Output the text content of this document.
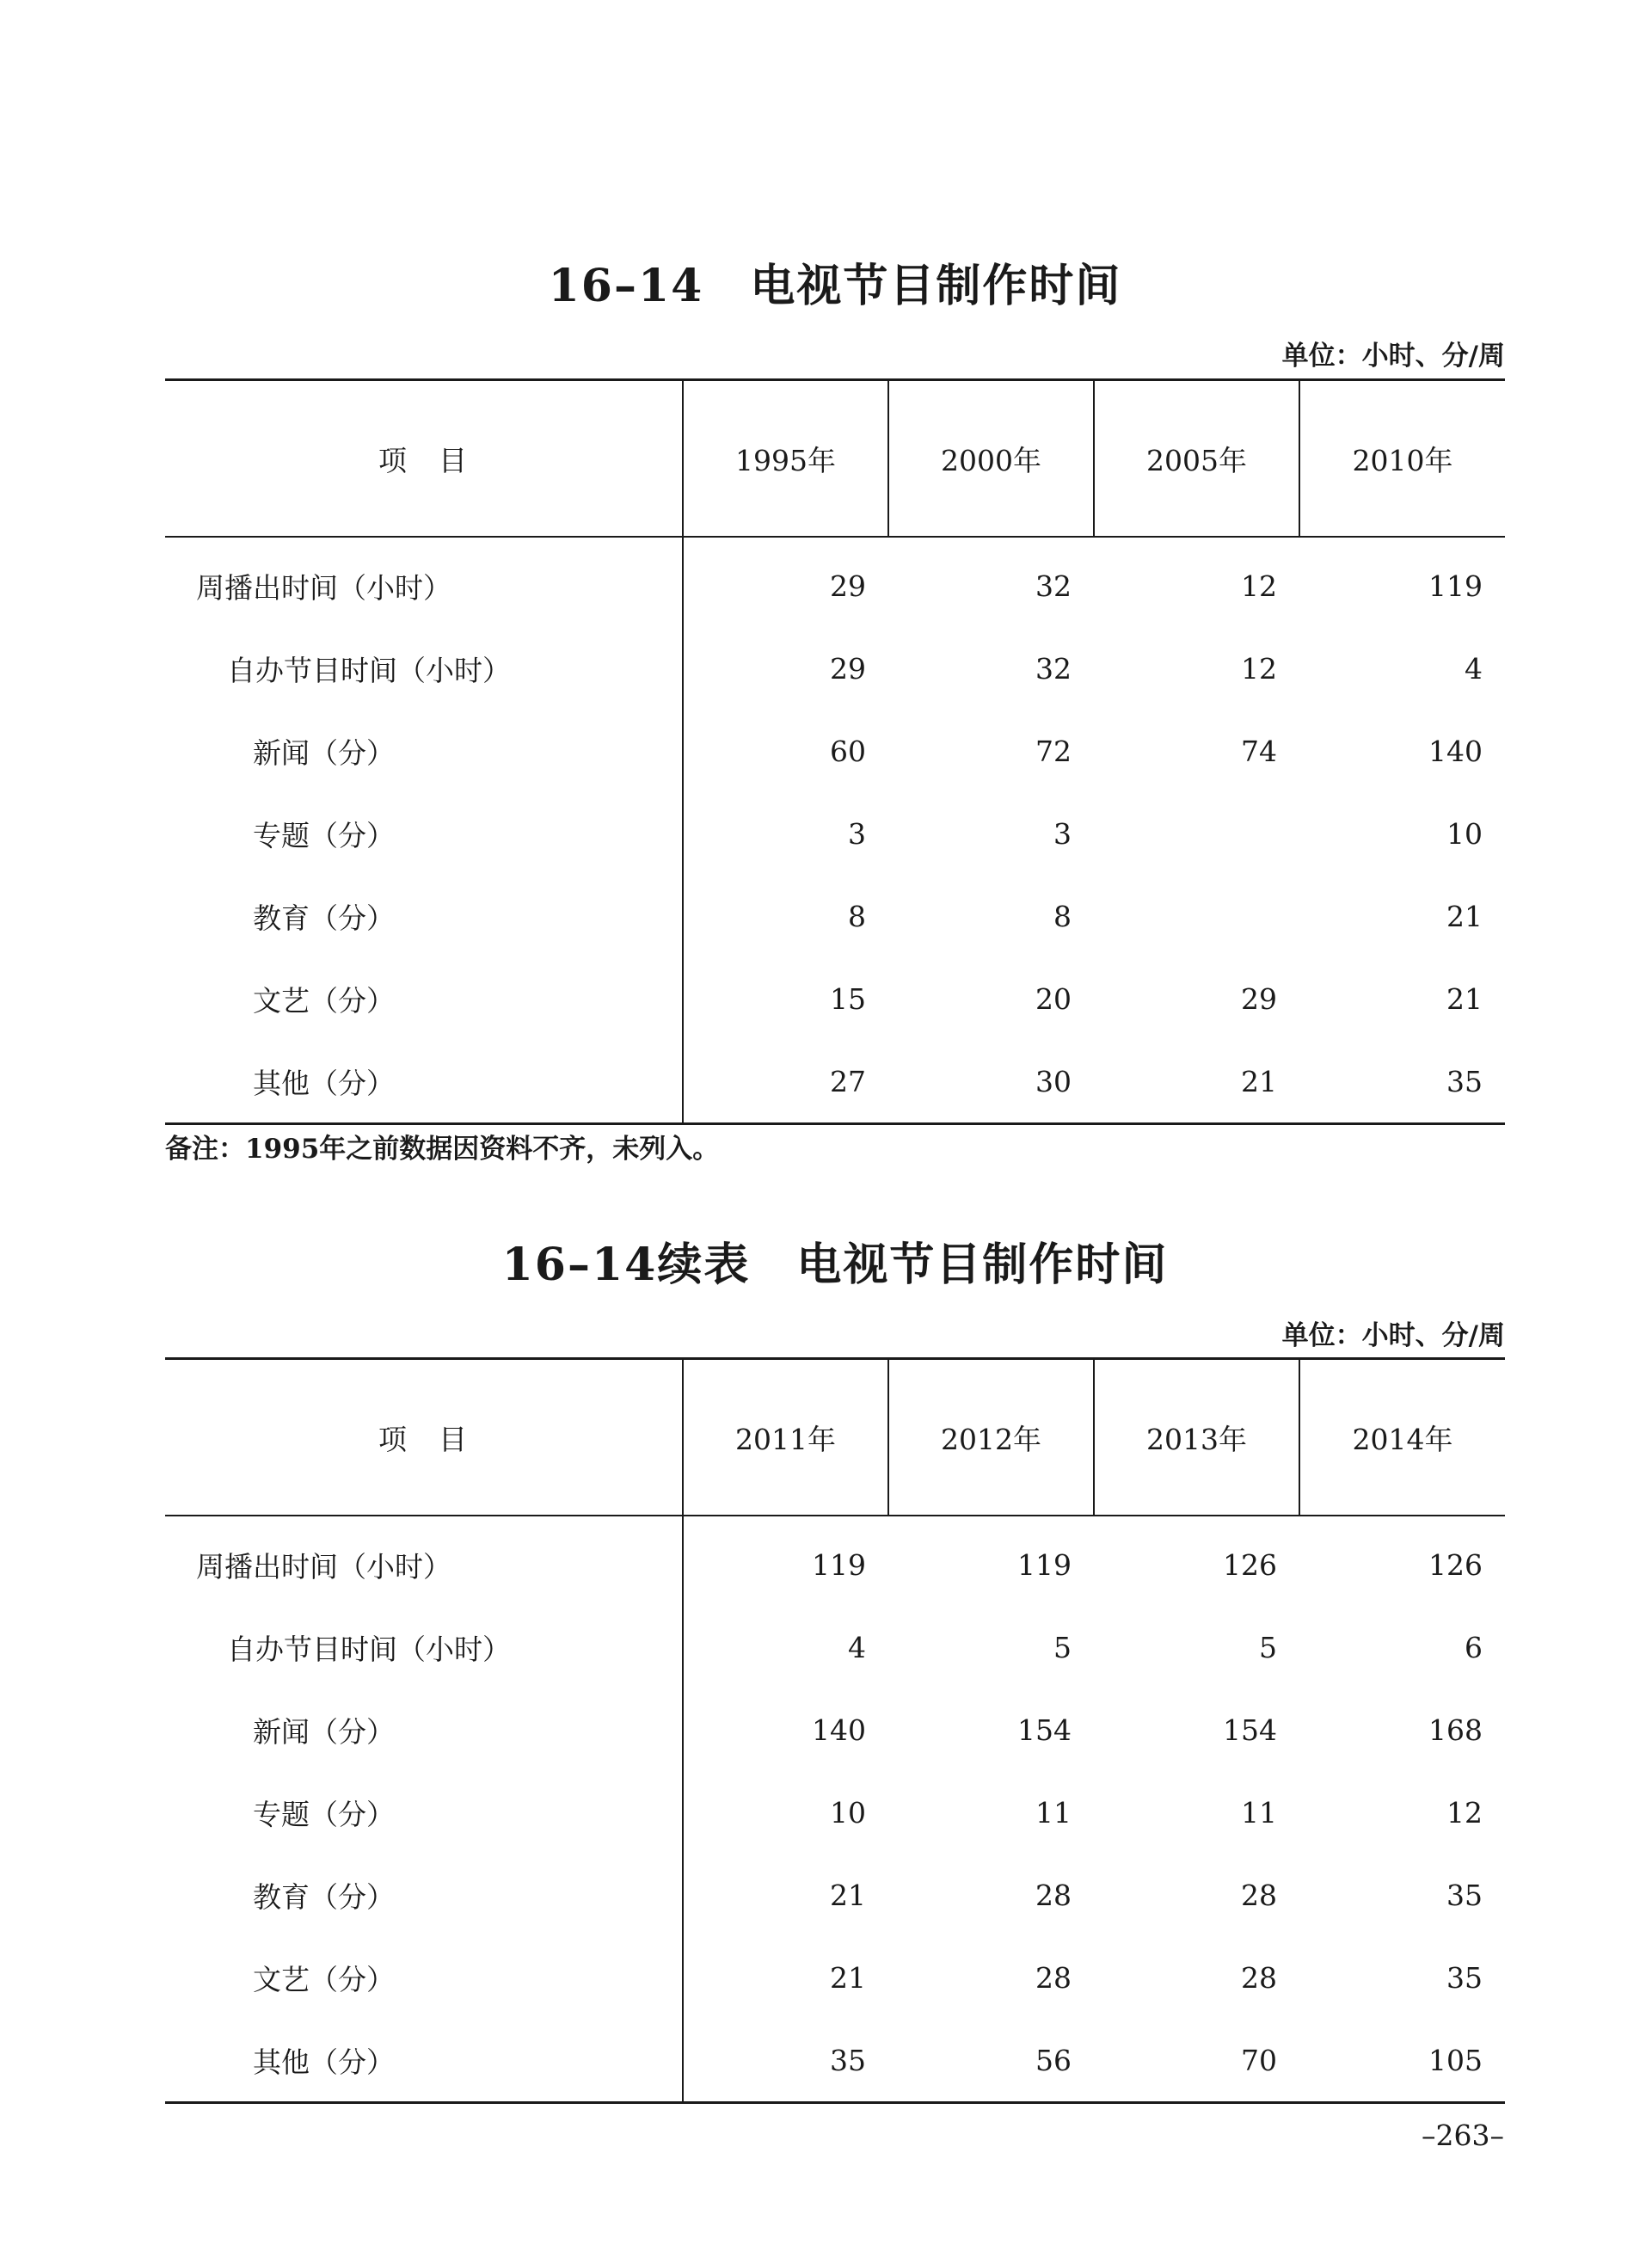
16–14　电视节目制作时间
单位：小时、分/周
项　目	1995年	2000年	2005年	2010年
周播出时间（小时）	29	32	12	119
自办节目时间（小时）	29	32	12	4
新闻（分）	60	72	74	140
专题（分）	3	3		10
教育（分）	8	8		21
文艺（分）	15	20	29	21
其他（分）	27	30	21	35
备注：1995年之前数据因资料不齐，未列入。
16–14续表　电视节目制作时间
单位：小时、分/周
项　目	2011年	2012年	2013年	2014年
周播出时间（小时）	119	119	126	126
自办节目时间（小时）	4	5	5	6
新闻（分）	140	154	154	168
专题（分）	10	11	11	12
教育（分）	21	28	28	35
文艺（分）	21	28	28	35
其他（分）	35	56	70	105
–263–
